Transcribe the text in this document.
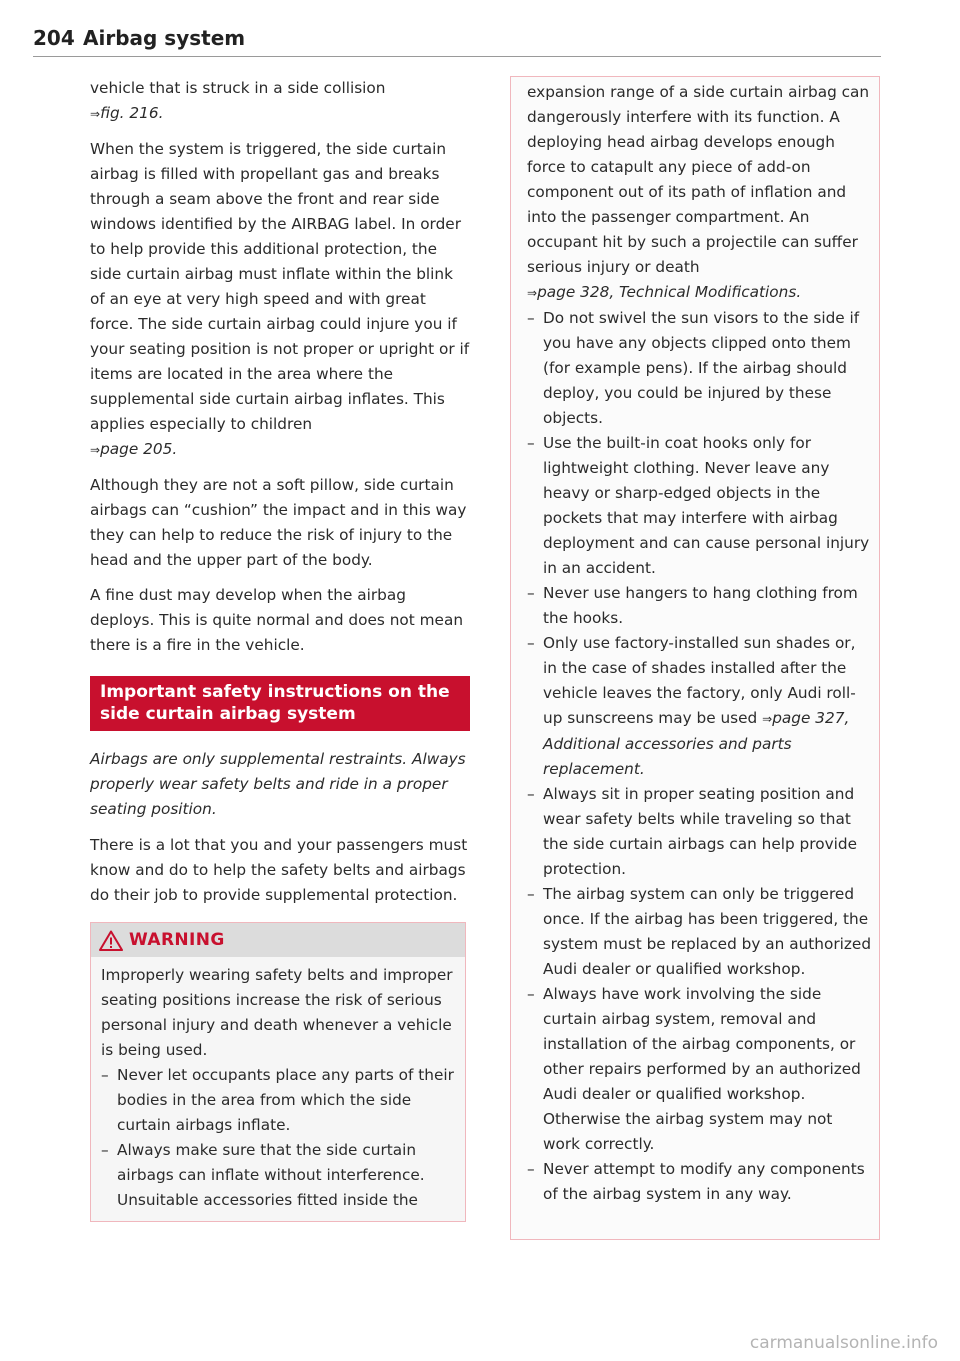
204 Airbag system

vehicle that is struck in a side collision
⇒fig. 216.

When the system is triggered, the side curtain airbag is filled with propellant gas and breaks through a seam above the front and rear side windows identified by the AIRBAG label. In order to help provide this additional protection, the side curtain airbag must inflate within the blink of an eye at very high speed and with great force. The side curtain airbag could injure you if your seating position is not proper or upright or if items are located in the area where the supplemental side curtain airbag inflates. This applies especially to children
⇒page 205.

Although they are not a soft pillow, side curtain airbags can “cushion” the impact and in this way they can help to reduce the risk of injury to the head and the upper part of the body.

A fine dust may develop when the airbag deploys. This is quite normal and does not mean there is a fire in the vehicle.

Important safety instructions on the side curtain airbag system

Airbags are only supplemental restraints. Always properly wear safety belts and ride in a proper seating position.

There is a lot that you and your passengers must know and do to help the safety belts and airbags do their job to provide supplemental protection.

WARNING

Improperly wearing safety belts and improper seating positions increase the risk of serious personal injury and death whenever a vehicle is being used.

– Never let occupants place any parts of their bodies in the area from which the side curtain airbags inflate.
– Always make sure that the side curtain airbags can inflate without interference. Unsuitable accessories fitted inside the

expansion range of a side curtain airbag can dangerously interfere with its function. A deploying head airbag develops enough force to catapult any piece of add-on component out of its path of inflation and into the passenger compartment. An occupant hit by such a projectile can suffer serious injury or death
⇒page 328, Technical Modifications.

– Do not swivel the sun visors to the side if you have any objects clipped onto them (for example pens). If the airbag should deploy, you could be injured by these objects.
– Use the built-in coat hooks only for lightweight clothing. Never leave any heavy or sharp-edged objects in the pockets that may interfere with airbag deployment and can cause personal injury in an accident.
– Never use hangers to hang clothing from the hooks.
– Only use factory-installed sun shades or, in the case of shades installed after the vehicle leaves the factory, only Audi roll-up sunscreens may be used ⇒page 327, Additional accessories and parts replacement.
– Always sit in proper seating position and wear safety belts while traveling so that the side curtain airbags can help provide protection.
– The airbag system can only be triggered once. If the airbag has been triggered, the system must be replaced by an authorized Audi dealer or qualified workshop.
– Always have work involving the side curtain airbag system, removal and installation of the airbag components, or other repairs performed by an authorized Audi dealer or qualified workshop. Otherwise the airbag system may not work correctly.
– Never attempt to modify any components of the airbag system in any way.
carmanualsonline.info
